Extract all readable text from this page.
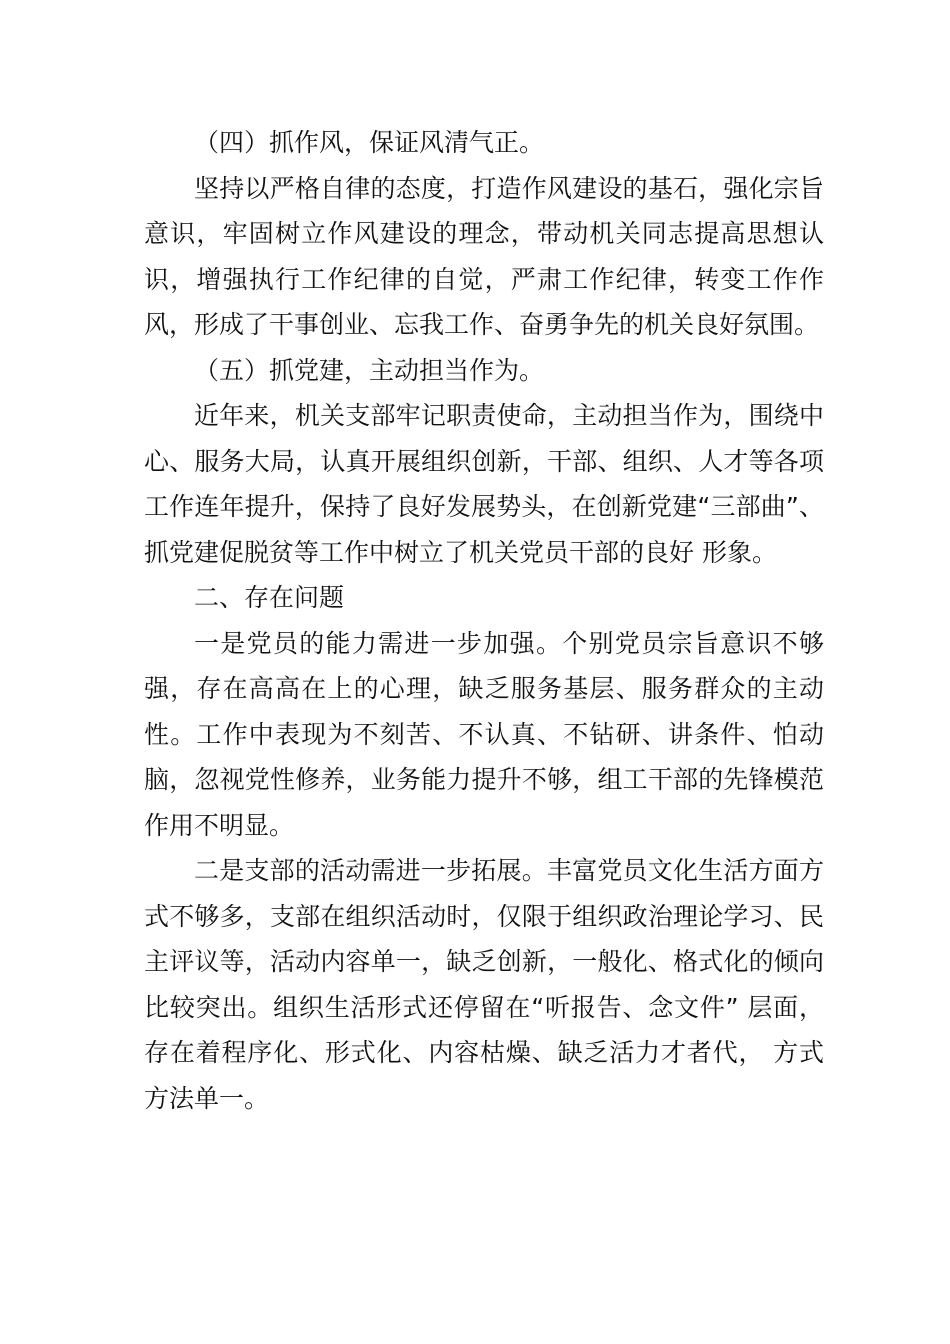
（四）抓作风，保证风清气正。

坚持以严格自律的态度，打造作风建设的基石，强化宗旨意识，牢固树立作风建设的理念，带动机关同志提高思想认识，增强执行工作纪律的自觉，严肃工作纪律，转变工作作风，形成了干事创业、忘我工作、奋勇争先的机关良好氛围。

（五）抓党建，主动担当作为。

近年来，机关支部牢记职责使命，主动担当作为，围绕中心、服务大局，认真开展组织创新，干部、组织、人才等各项工作连年提升，保持了良好发展势头，在创新党建“三部曲”、抓党建促脱贫等工作中树立了机关党员干部的良好 形象。

二、存在问题

一是党员的能力需进一步加强。个别党员宗旨意识不够强，存在高高在上的心理，缺乏服务基层、服务群众的主动性。工作中表现为不刻苦、不认真、不钻研、讲条件、怕动脑，忽视党性修养，业务能力提升不够，组工干部的先锋模范作用不明显。

二是支部的活动需进一步拓展。丰富党员文化生活方面方式不够多，支部在组织活动时，仅限于组织政治理论学习、民主评议等，活动内容单一，缺乏创新，一般化、格式化的倾向比较突出。组织生活形式还停留在“听报告、念文件” 层面，存在着程序化、形式化、内容枯燥、缺乏活力才者代， 方式方法单一。
